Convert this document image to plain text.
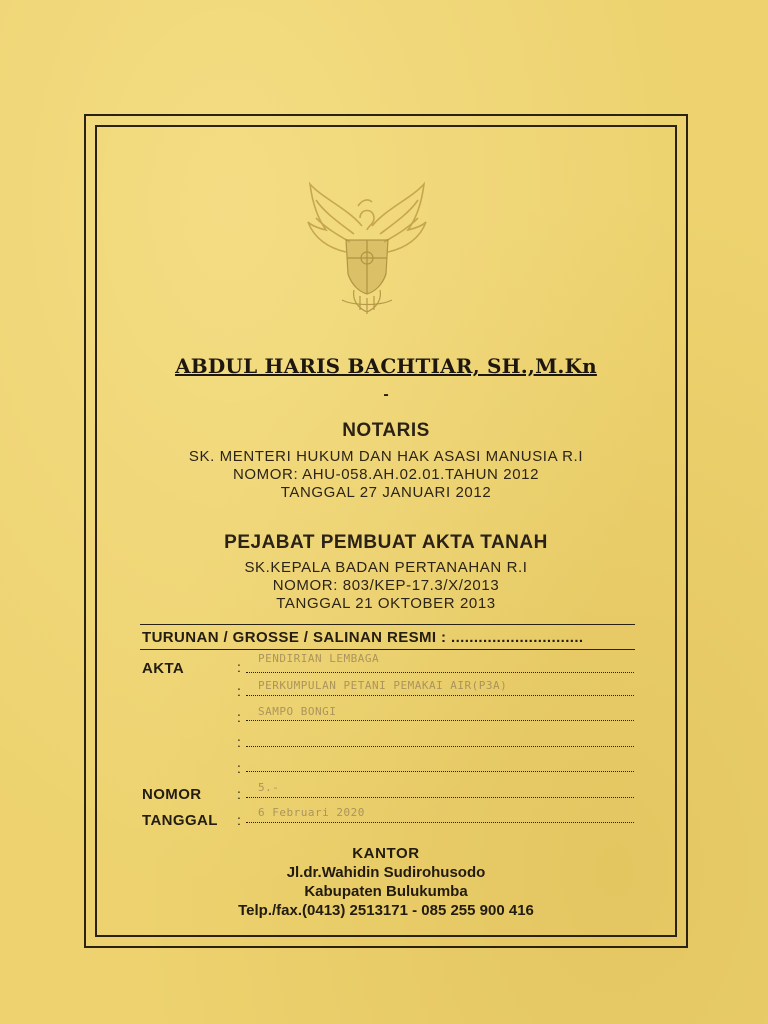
ABDUL HARIS BACHTIAR, SH.,M.Kn
-
NOTARIS
SK. MENTERI HUKUM DAN HAK ASASI MANUSIA R.I
NOMOR: AHU-058.AH.02.01.TAHUN 2012
TANGGAL 27 JANUARI 2012
PEJABAT PEMBUAT AKTA TANAH
SK.KEPALA BADAN PERTANAHAN R.I
NOMOR: 803/KEP-17.3/X/2013
TANGGAL 21 OKTOBER 2013
TURUNAN / GROSSE / SALINAN RESMI : .............................
AKTA	:
PENDIRIAN LEMBAGA
: PERKUMPULAN PETANI PEMAKAI AIR(P3A)
: SAMPO BONGI
:
:
NOMOR	: 5.-
TANGGAL : 6 Februari 2020
KANTOR
Jl.dr.Wahidin Sudirohusodo
Kabupaten Bulukumba
Telp./fax.(0413) 2513171 - 085 255 900 416
